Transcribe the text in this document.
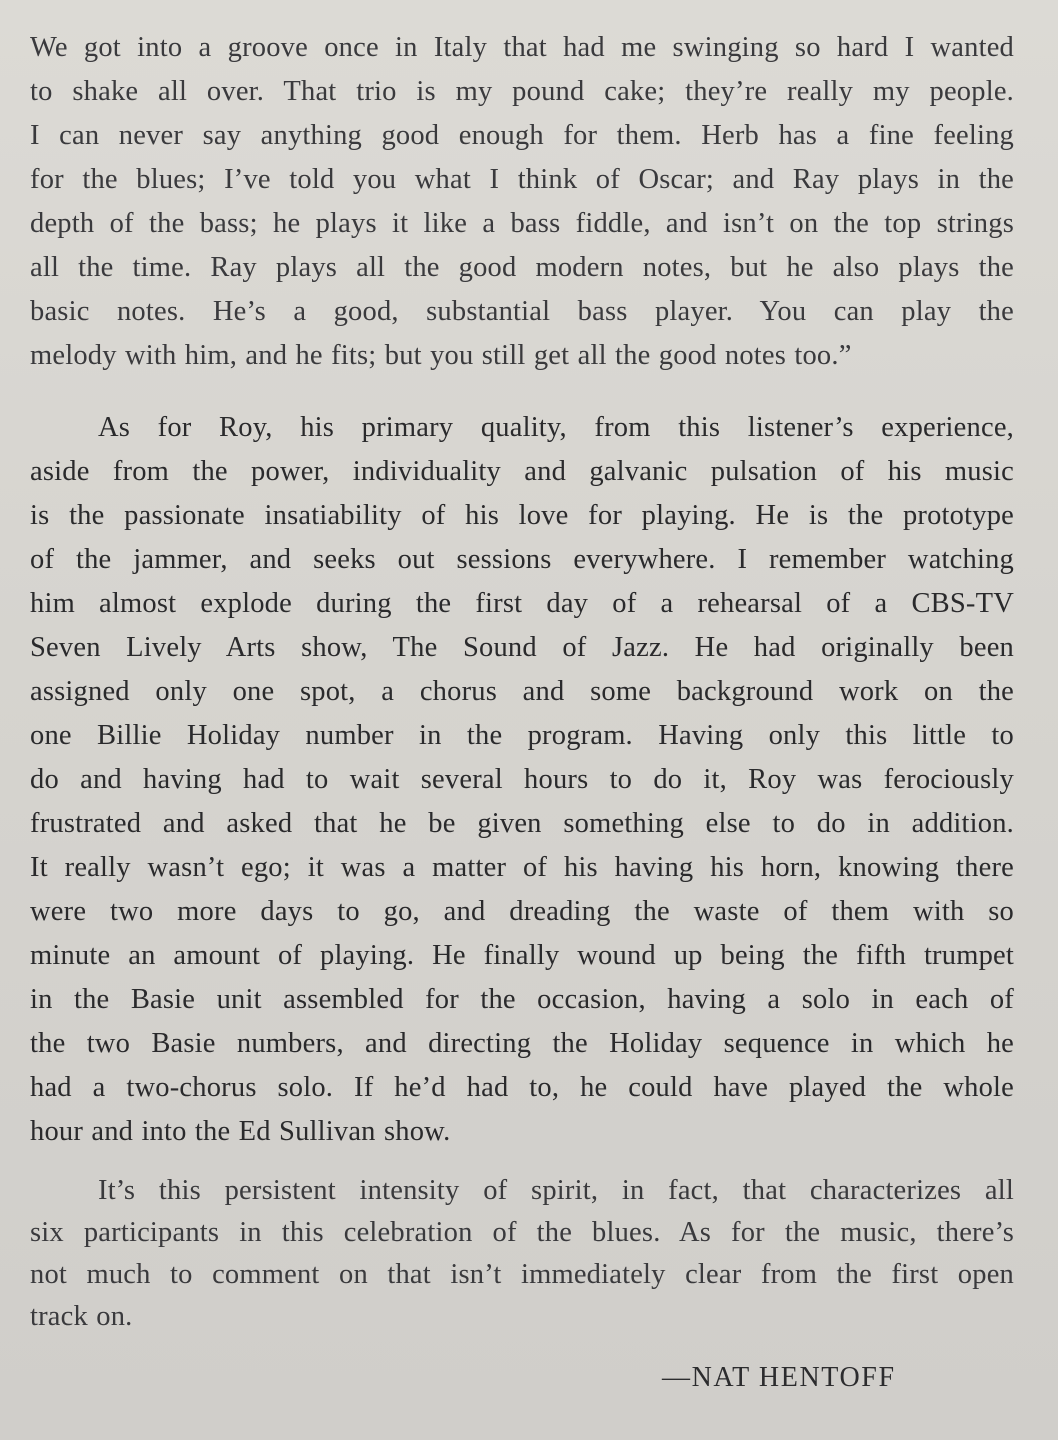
We got into a groove once in Italy that had me swinging so hard I wanted
to shake all over. That trio is my pound cake; they’re really my people.
I can never say anything good enough for them. Herb has a fine feeling
for the blues; I’ve told you what I think of Oscar; and Ray plays in the
depth of the bass; he plays it like a bass fiddle, and isn’t on the top strings
all the time. Ray plays all the good modern notes, but he also plays the
basic notes. He’s a good, substantial bass player. You can play the
melody with him, and he fits; but you still get all the good notes too.”

As for Roy, his primary quality, from this listener’s experience,
aside from the power, individuality and galvanic pulsation of his music
is the passionate insatiability of his love for playing. He is the prototype
of the jammer, and seeks out sessions everywhere. I remember watching
him almost explode during the first day of a rehearsal of a CBS-TV
Seven Lively Arts show, The Sound of Jazz. He had originally been
assigned only one spot, a chorus and some background work on the
one Billie Holiday number in the program. Having only this little to
do and having had to wait several hours to do it, Roy was ferociously
frustrated and asked that he be given something else to do in addition.
It really wasn’t ego; it was a matter of his having his horn, knowing there
were two more days to go, and dreading the waste of them with so
minute an amount of playing. He finally wound up being the fifth trumpet
in the Basie unit assembled for the occasion, having a solo in each of
the two Basie numbers, and directing the Holiday sequence in which he
had a two-chorus solo. If he’d had to, he could have played the whole
hour and into the Ed Sullivan show.

It’s this persistent intensity of spirit, in fact, that characterizes all
six participants in this celebration of the blues. As for the music, there’s
not much to comment on that isn’t immediately clear from the first open
track on.

—NAT HENTOFF
